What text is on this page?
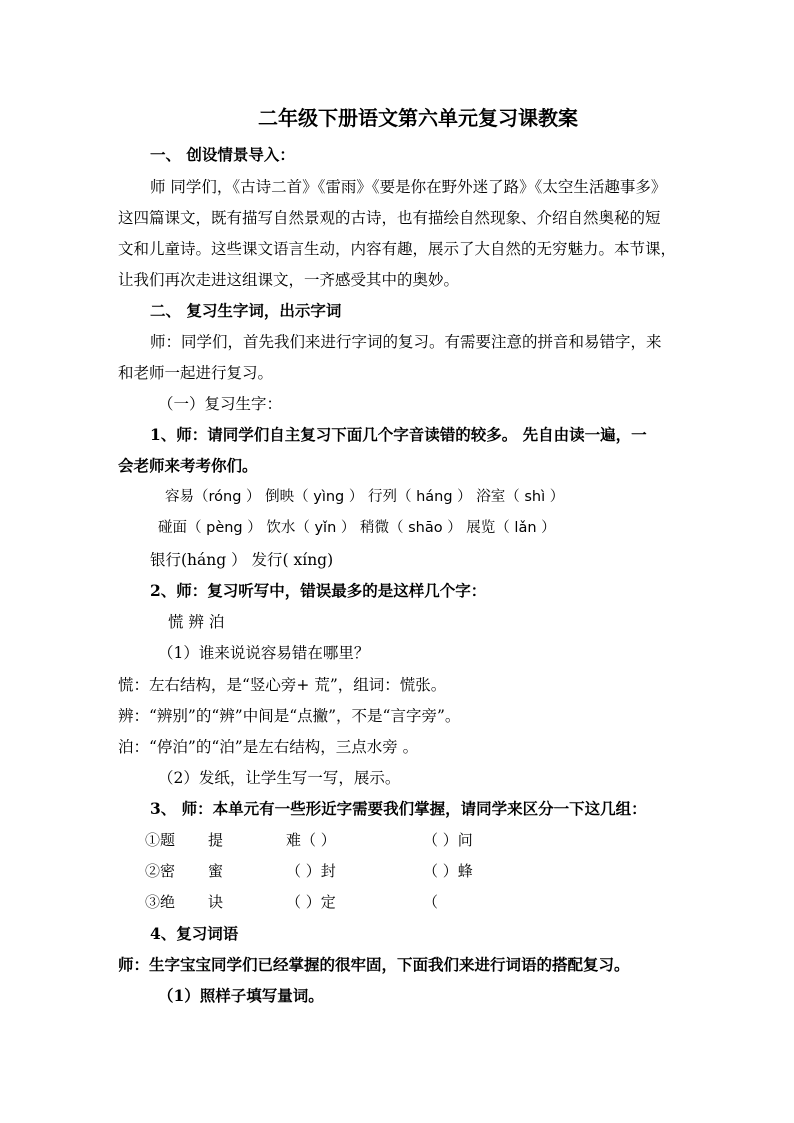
二年级下册语文第六单元复习课教案
一、 创设情景导入：
师 同学们，《古诗二首》《雷雨》《要是你在野外迷了路》《太空生活趣事多》
这四篇课文，既有描写自然景观的古诗，也有描绘自然现象、介绍自然奥秘的短
文和儿童诗。这些课文语言生动，内容有趣，展示了大自然的无穷魅力。本节课，
让我们再次走进这组课文，一齐感受其中的奥妙。
二、 复习生字词，出示字词
师：同学们，首先我们来进行字词的复习。有需要注意的拼音和易错字，来
和老师一起进行复习。
（一）复习生字：
1、师：请同学们自主复习下面几个字音读错的较多。 先自由读一遍，一
会老师来考考你们。
容易（róng ） 倒映（ yìng ） 行列（ háng ） 浴室（ shì ）
碰面（ pèng ） 饮水（ yǐn ） 稍微（ shāo ） 展览（ lǎn ）
银行(háng ） 发行( xíng)
2、师：复习听写中，错误最多的是这样几个字：
慌 辨 泊
（1）谁来说说容易错在哪里？
慌：左右结构，是“竖心旁+ 荒”，组词：慌张。
辨：“辨别”的“辨”中间是“点撇”，不是“言字旁”。
泊：“停泊”的“泊”是左右结构，三点水旁 。
（2）发纸，让学生写一写，展示。
3、 师：本单元有一些形近字需要我们掌握，请同学来区分一下这几组：
①题 提	难（ ）	（ ）问
②密 蜜	（ ）封	（ ）蜂
③绝 诀	（ ）定	（
4、复习词语
师：生字宝宝同学们已经掌握的很牢固，下面我们来进行词语的搭配复习。
（1）照样子填写量词。
